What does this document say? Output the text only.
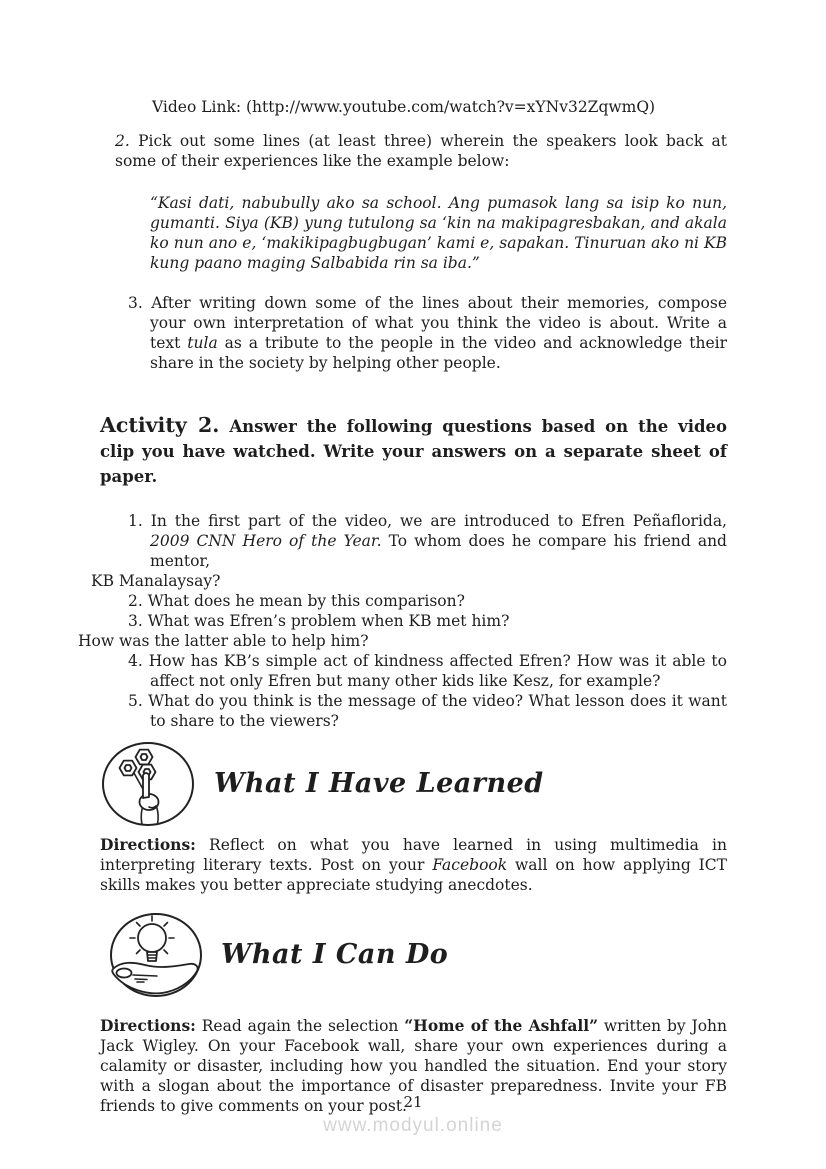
Video Link: (http://www.youtube.com/watch?v=xYNv32ZqwmQ)
2. Pick out some lines (at least three) wherein the speakers look back at some of their experiences like the example below:
“Kasi dati, nabubully ako sa school. Ang pumasok lang sa isip ko nun, gumanti. Siya (KB) yung tutulong sa ‘kin na makipagresbakan, and akala ko nun ano e, ‘makikipagbugbugan’ kami e, sapakan. Tinuruan ako ni KB kung paano maging Salbabida rin sa iba.”
3. After writing down some of the lines about their memories, compose your own interpretation of what you think the video is about. Write a text tula as a tribute to the people in the video and acknowledge their share in the society by helping other people.
Activity 2. Answer the following questions based on the video clip you have watched. Write your answers on a separate sheet of paper.
1. In the first part of the video, we are introduced to Efren Peñaflorida, 2009 CNN Hero of the Year. To whom does he compare his friend and mentor,
KB Manalaysay?
2. What does he mean by this comparison?
3. What was Efren’s problem when KB met him?
How was the latter able to help him?
4. How has KB’s simple act of kindness affected Efren? How was it able to affect not only Efren but many other kids like Kesz, for example?
5. What do you think is the message of the video? What lesson does it want to share to the viewers?
What I Have Learned

Directions: Reflect on what you have learned in using multimedia in interpreting literary texts. Post on your Facebook wall on how applying ICT skills makes you better appreciate studying anecdotes.

What I Can Do

Directions: Read again the selection “Home of the Ashfall” written by John Jack Wigley. On your Facebook wall, share your own experiences during a calamity or disaster, including how you handled the situation. End your story with a slogan about the importance of disaster preparedness. Invite your FB friends to give comments on your post.

21
www.modyul.online
